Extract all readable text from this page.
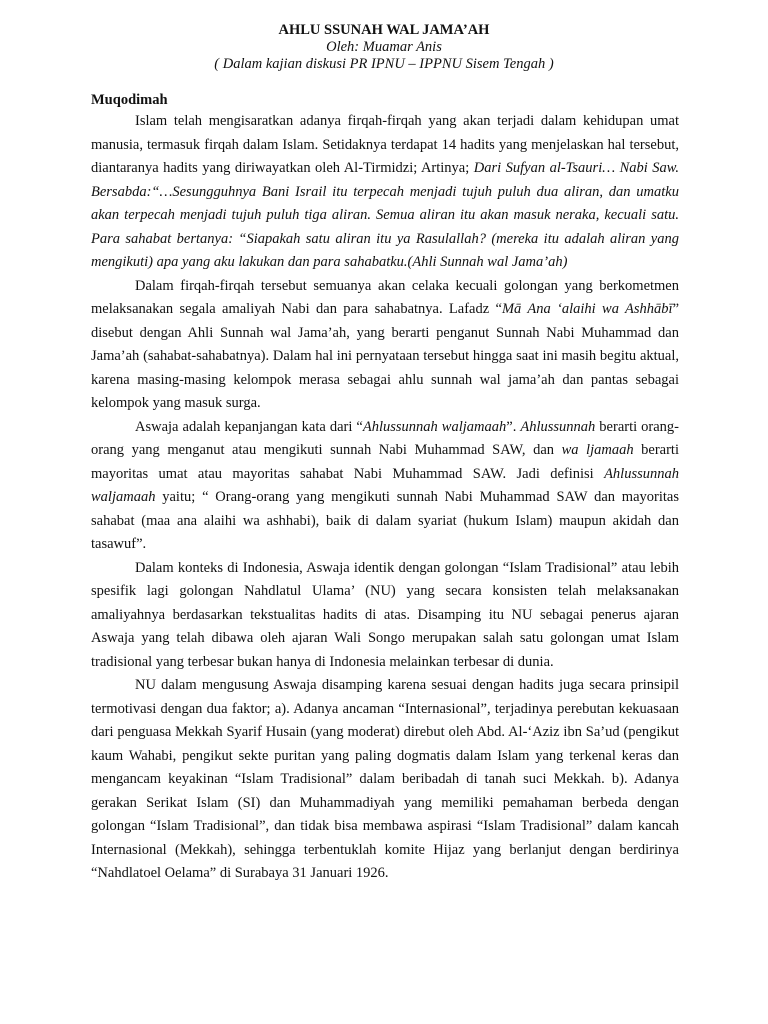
AHLU SSUNAH WAL JAMA’AH
Oleh: Muamar Anis
( Dalam kajian diskusi PR IPNU – IPPNU Sisem Tengah )
Muqodimah

Islam telah mengisaratkan adanya firqah-firqah yang akan terjadi dalam kehidupan umat manusia, termasuk firqah dalam Islam. Setidaknya terdapat 14 hadits yang menjelaskan hal tersebut, diantaranya hadits yang diriwayatkan oleh Al-Tirmidzi; Artinya; Dari Sufyan al-Tsauri… Nabi Saw. Bersabda:“…Sesungguhnya Bani Israil itu terpecah menjadi tujuh puluh dua aliran, dan umatku akan terpecah menjadi tujuh puluh tiga aliran. Semua aliran itu akan masuk neraka, kecuali satu. Para sahabat bertanya: “Siapakah satu aliran itu ya Rasulallah? (mereka itu adalah aliran yang mengikuti) apa yang aku lakukan dan para sahabatku.(Ahli Sunnah wal Jama’ah)

Dalam firqah-firqah tersebut semuanya akan celaka kecuali golongan yang berkometmen melaksanakan segala amaliyah Nabi dan para sahabatnya. Lafadz “Mā Ana ‘alaihi wa Ashhābī” disebut dengan Ahli Sunnah wal Jama’ah, yang berarti penganut Sunnah Nabi Muhammad dan Jama’ah (sahabat-sahabatnya). Dalam hal ini pernyataan tersebut hingga saat ini masih begitu aktual, karena masing-masing kelompok merasa sebagai ahlu sunnah wal jama’ah dan pantas sebagai kelompok yang masuk surga.

Aswaja adalah kepanjangan kata dari “Ahlussunnah waljamaah”. Ahlussunnah berarti orang-orang yang menganut atau mengikuti sunnah Nabi Muhammad SAW, dan wa ljamaah berarti mayoritas umat atau mayoritas sahabat Nabi Muhammad SAW. Jadi definisi Ahlussunnah waljamaah yaitu; “ Orang-orang yang mengikuti sunnah Nabi Muhammad SAW dan mayoritas sahabat (maa ana alaihi wa ashhabi), baik di dalam syariat (hukum Islam) maupun akidah dan tasawuf”.

Dalam konteks di Indonesia, Aswaja identik dengan golongan “Islam Tradisional” atau lebih spesifik lagi golongan Nahdlatul Ulama’ (NU) yang secara konsisten telah melaksanakan amaliyahnya berdasarkan tekstualitas hadits di atas. Disamping itu NU sebagai penerus ajaran Aswaja yang telah dibawa oleh ajaran Wali Songo merupakan salah satu golongan umat Islam tradisional yang terbesar bukan hanya di Indonesia melainkan terbesar di dunia.

NU dalam mengusung Aswaja disamping karena sesuai dengan hadits juga secara prinsipil termotivasi dengan dua faktor; a). Adanya ancaman “Internasional”, terjadinya perebutan kekuasaan dari penguasa Mekkah Syarif Husain (yang moderat) direbut oleh Abd. Al-‘Aziz ibn Sa’ud (pengikut kaum Wahabi, pengikut sekte puritan yang paling dogmatis dalam Islam yang terkenal keras dan mengancam keyakinan “Islam Tradisional” dalam beribadah di tanah suci Mekkah. b). Adanya gerakan Serikat Islam (SI) dan Muhammadiyah yang memiliki pemahaman berbeda dengan golongan “Islam Tradisional”, dan tidak bisa membawa aspirasi “Islam Tradisional” dalam kancah Internasional (Mekkah), sehingga terbentuklah komite Hijaz yang berlanjut dengan berdirinya “Nahdlatoel Oelama” di Surabaya 31 Januari 1926.
